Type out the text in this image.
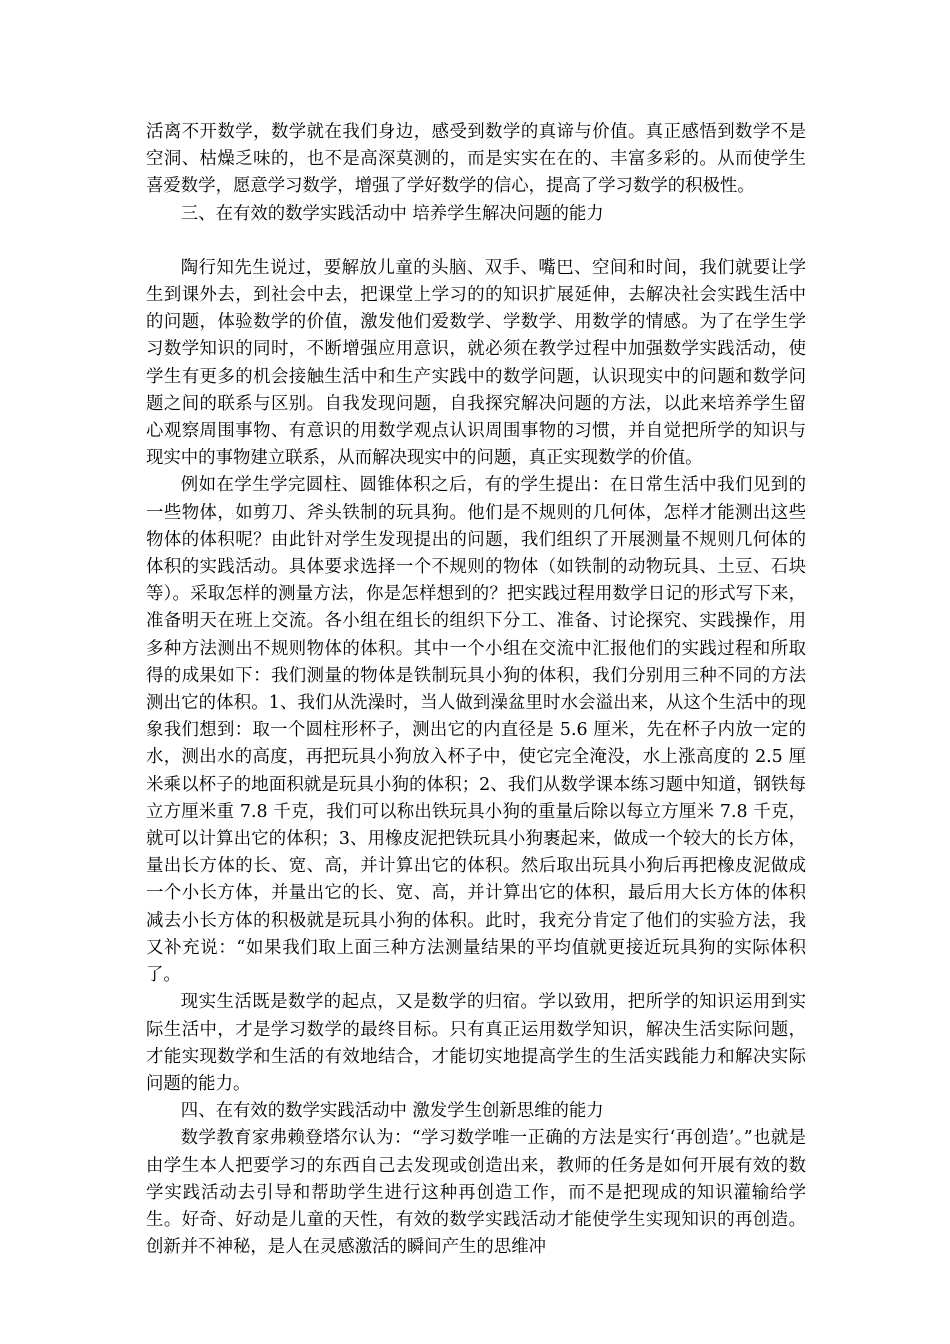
活离不开数学，数学就在我们身边，感受到数学的真谛与价值。真正感悟到数学不是空洞、枯燥乏味的，也不是高深莫测的，而是实实在在的、丰富多彩的。从而使学生喜爱数学，愿意学习数学，增强了学好数学的信心，提高了学习数学的积极性。

三、在有效的数学实践活动中 培养学生解决问题的能力

陶行知先生说过，要解放儿童的头脑、双手、嘴巴、空间和时间，我们就要让学生到课外去，到社会中去，把课堂上学习的的知识扩展延伸，去解决社会实践生活中的问题，体验数学的价值，激发他们爱数学、学数学、用数学的情感。为了在学生学习数学知识的同时，不断增强应用意识，就必须在教学过程中加强数学实践活动，使学生有更多的机会接触生活中和生产实践中的数学问题，认识现实中的问题和数学问题之间的联系与区别。自我发现问题，自我探究解决问题的方法，以此来培养学生留心观察周围事物、有意识的用数学观点认识周围事物的习惯，并自觉把所学的知识与现实中的事物建立联系，从而解决现实中的问题，真正实现数学的价值。

例如在学生学完圆柱、圆锥体积之后，有的学生提出：在日常生活中我们见到的一些物体，如剪刀、斧头铁制的玩具狗。他们是不规则的几何体，怎样才能测出这些物体的体积呢？由此针对学生发现提出的问题，我们组织了开展测量不规则几何体的体积的实践活动。具体要求选择一个不规则的物体（如铁制的动物玩具、土豆、石块等）。采取怎样的测量方法，你是怎样想到的？把实践过程用数学日记的形式写下来，准备明天在班上交流。各小组在组长的组织下分工、准备、讨论探究、实践操作，用多种方法测出不规则物体的体积。其中一个小组在交流中汇报他们的实践过程和所取得的成果如下：我们测量的物体是铁制玩具小狗的体积，我们分别用三种不同的方法测出它的体积。1、我们从洗澡时，当人做到澡盆里时水会溢出来，从这个生活中的现象我们想到：取一个圆柱形杯子，测出它的内直径是 5.6 厘米，先在杯子内放一定的水，测出水的高度，再把玩具小狗放入杯子中，使它完全淹没，水上涨高度的 2.5 厘米乘以杯子的地面积就是玩具小狗的体积；2、我们从数学课本练习题中知道，钢铁每立方厘米重 7.8 千克，我们可以称出铁玩具小狗的重量后除以每立方厘米 7.8 千克，就可以计算出它的体积；3、用橡皮泥把铁玩具小狗裹起来，做成一个较大的长方体，量出长方体的长、宽、高，并计算出它的体积。然后取出玩具小狗后再把橡皮泥做成一个小长方体，并量出它的长、宽、高，并计算出它的体积，最后用大长方体的体积减去小长方体的积极就是玩具小狗的体积。此时，我充分肯定了他们的实验方法，我又补充说：“如果我们取上面三种方法测量结果的平均值就更接近玩具狗的实际体积了。

现实生活既是数学的起点，又是数学的归宿。学以致用，把所学的知识运用到实际生活中，才是学习数学的最终目标。只有真正运用数学知识，解决生活实际问题，才能实现数学和生活的有效地结合，才能切实地提高学生的生活实践能力和解决实际问题的能力。

四、在有效的数学实践活动中 激发学生创新思维的能力

数学教育家弗赖登塔尔认为：“学习数学唯一正确的方法是实行‘再创造’。”也就是由学生本人把要学习的东西自己去发现或创造出来，教师的任务是如何开展有效的数学实践活动去引导和帮助学生进行这种再创造工作，而不是把现成的知识灌输给学生。好奇、好动是儿童的天性，有效的数学实践活动才能使学生实现知识的再创造。创新并不神秘，是人在灵感激活的瞬间产生的思维冲
